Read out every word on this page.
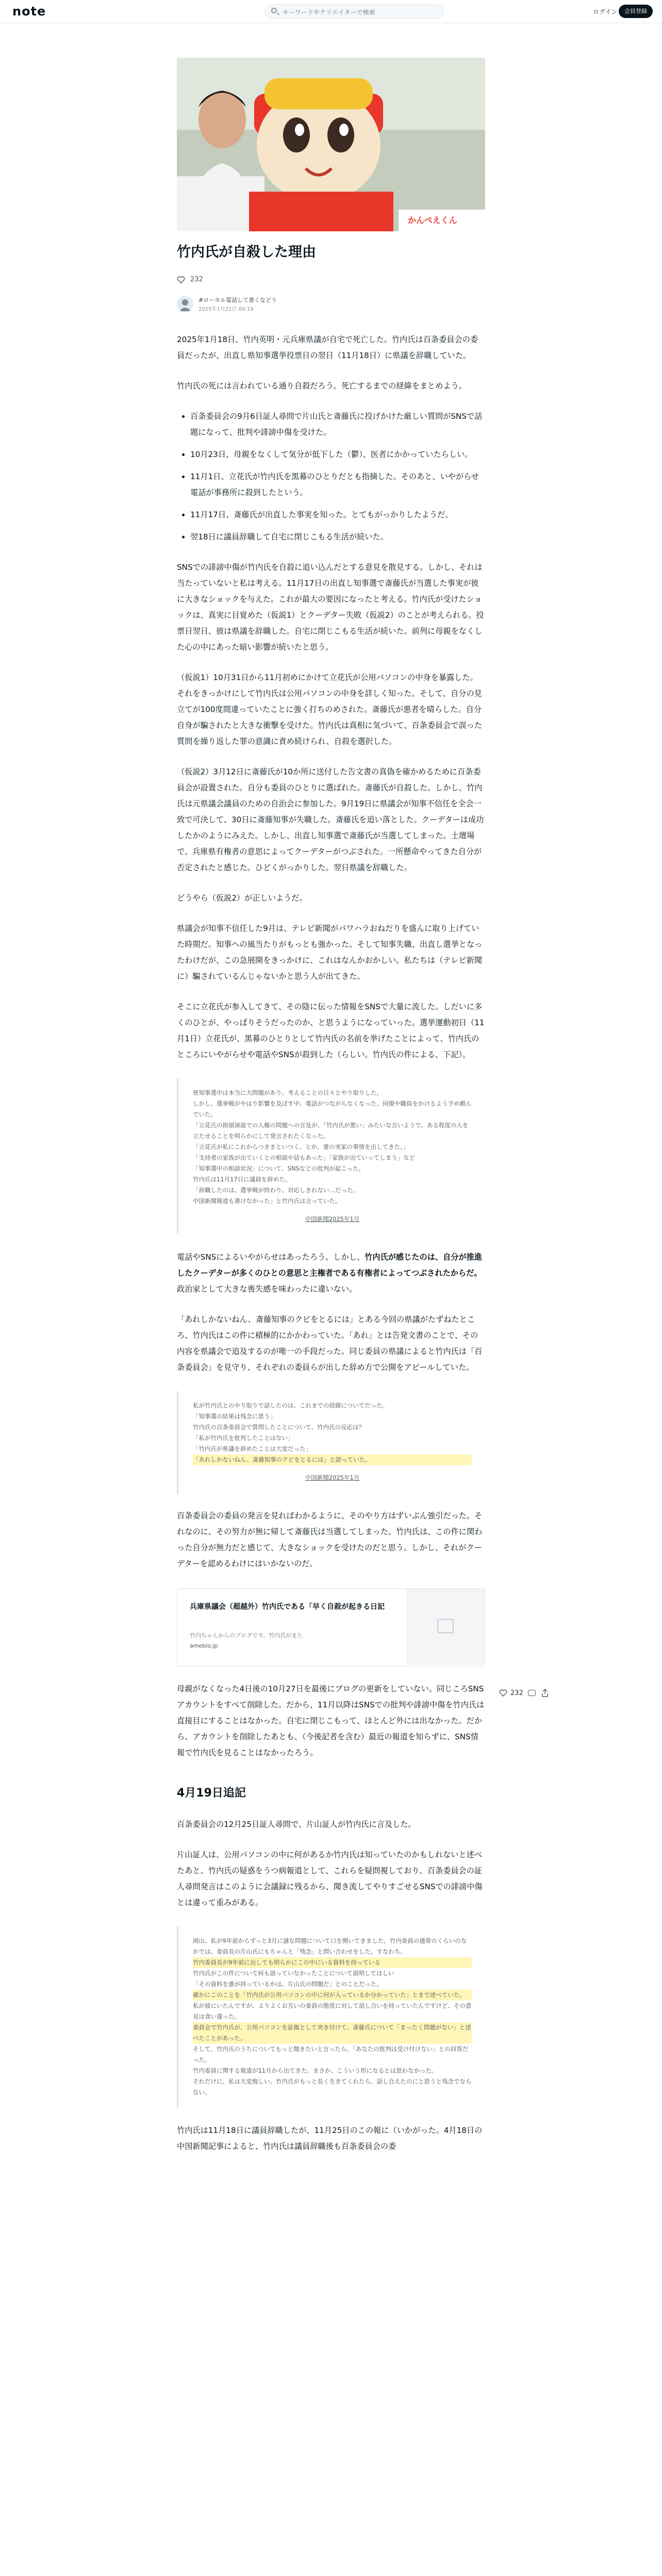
note
キーワードやクリエイターで検索	ログイン	会員登録
かんぺえくん
竹内氏が自殺した理由
232
#ローカル電話して書くなどう
2025年1月21日 00:19

2025年1月18日、竹内英明・元兵庫県議が自宅で死亡した。竹内氏は百条委員会の委員だったが、出直し県知事選挙投票日の翌日（11月18日）に県議を辞職していた。

竹内氏の死には言われている通り自殺だろう。死亡するまでの経緯をまとめよう。

• 百条委員会の9月6日証人尋問で片山氏と斎藤氏に投げかけた厳しい質問がSNSで話題になって、批判や誹謗中傷を受けた。
• 10月23日、母親をなくして気分が低下した（鬱）、医者にかかっていたらしい。
• 11月1日、立花氏が竹内氏を黒幕のひとりだとも指摘した。そのあと、いやがらせ電話が事務所に殺到したという。
• 11月17日、斎藤氏が出直した事実を知った。とてもがっかりしたようだ。
• 翌18日に議員辞職して自宅に閉じこもる生活が続いた。

SNSでの誹謗中傷が竹内氏を自殺に追い込んだとする意見を散見する。しかし、それは当たっていないと私は考える。11月17日の出直し知事選で斎藤氏が当選した事実が彼に大きなショックを与えた。これが最大の要因になったと考える。竹内氏が受けたショックは、真実に目覚めた（仮説1）とクーデター失敗（仮説2）のことが考えられる。投票日翌日、彼は県議を辞職した。自宅に閉じこもる生活が続いた。前列に母親をなくした心の中にあった暗い影響が続いたと思う。

（仮説1）10月31日から11月初めにかけて立花氏が公用パソコンの中身を暴露した。それをきっかけにして竹内氏は公用パソコンの中身を詳しく知った。そして、自分の見立てが100度間違っていたことに強く打ちのめされた。斎藤氏が悪者を晴らした。自分自身が騙されたと大きな衝撃を受けた。竹内氏は真相に気づいて、百条委員会で誤った質問を繰り返した罪の意識に責め続けられ、自殺を選択した。

（仮説2）3月12日に斎藤氏が10か所に送付した告文書の真偽を確かめるために百条委員会が設置された。自分も委員のひとりに選ばれた。斎藤氏が自殺した。しかし、竹内氏は元県議会議員のための自治会に参加した。9月19日に県議会が知事不信任を全会一致で可決して、30日に斎藤知事が失職した。斎藤氏を追い落とした。クーデターは成功したかのようにみえた。しかし、出直し知事選で斎藤氏が当選してしまった。土壇場で、兵庫県有権者の意思によってクーデターがつぶされた。一所懸命やってきた自分が否定されたと感じた。ひどくがっかりした。翌日県議を辞職した。

どうやら（仮説2）が正しいようだ。

県議会が知事不信任した9月は、テレビ新聞がパワハラおねだりを盛んに取り上げていた時期だ。知事への風当たりがもっとも強かった。そして知事失職、出直し選挙となったわけだが、この急展開をきっかけに、これはなんかおかしい。私たちは（テレビ新聞に）騙されているんじゃないかと思う人が出てきた。

そこに立花氏が参入してきて、その陰に伝った情報をSNSで大量に流した。しだいに多くのひとが、やっぱりそうだったのか、と思うようになっていった。選挙運動初日（11月1日）立花氏が、黒幕のひとりとして竹内氏の名前を挙げたことによって、竹内氏のところにいやがらせや電話やSNSが殺到した（らしい。竹内氏の件による、下記）。

県知事選中は本当に大問題があり、考えることの日々とやり取りした。

しかし、選挙戦がやはり影響を及ぼす中、電話がつながらなくなった。同僚や職員をかけるよう予め頼んでいた。

「立花氏の街頭演説での人権の問題への言及が、「竹内氏が悪い」みたいな言いようで、ある程度の人を立たせることを明らかにして発言されたくなった。

「立花氏が私にこれからつきまといつく、とか、妻の実家の事情を出してきた。」

「支持者の家族が出ていくとの相談や話もあった」「家族が出ていってしまう」など

「知事選中の相談状況」について、SNSなどの批判が起こった。

竹内氏は11月17日に議員を辞めた。

「辞職したのは、選挙戦が終わり、対応しきれない…だった。

中国新聞報道も書けなかった」と竹内氏は言っていた。

中国新聞2025年1月

電話やSNSによるいやがらせはあったろう。しかし、竹内氏が感じたのは、自分が推進したクーデターが多くのひとの意思と主権者である有権者によってつぶされたからだ。政治家として大きな喪失感を味わったに違いない。

「あれしかないねん、斎藤知事のクビをとるには」とある今回の県議がたずねたところ、竹内氏はこの件に積極的にかかわっていた。「あれ」とは告発文書のことで、その内容を県議会で追及するのが唯一の手段だった。同じ委員の県議によると竹内氏は「百条委員会」を見守り、それぞれの委員らが出した辞め方で公開をアピールしていた。

私が竹内氏とのやり取りで話したのは、これまでの経緯についてだった。

「知事選の結果は残念に思う」

竹内氏の百条委員会で質問したことについて、竹内氏の反応は？

「私が竹内氏を批判したことはない」

「竹内氏が県議を辞めたことは大変だった」

「あれしかないねん、斎藤知事のクビをとるには」と語っていた。

中国新聞2025年1月

百条委員会の委員の発言を見ればわかるように、そのやり方はずいぶん強引だった。それなのに、その努力が無に帰して斎藤氏は当選してしまった。竹内氏は、この件に関わった自分が無力だと感じて、大きなショックを受けたのだと思う。しかし、それがクーデターを認めるわけにはいかないのだ。

兵庫県議会（超越外）竹内氏である「早く自殺が起きる日記
竹内ちゃんからのブログです。竹内氏がまた
ameblo.jp

母親がなくなった4日後の10月27日を最後にブログの更新をしていない。同じころSNSアカウントをすべて削除した。だから、11月以降はSNSでの批判や誹謗中傷を竹内氏は直接目にすることはなかった。自宅に閉じこもって、ほとんど外には出なかった。だから、アカウントを削除したあとも、（今後記者を含む）最近の報道を知らずに、SNS情報で竹内氏を見ることはなかったろう。

4月19日追記

百条委員会の12月25日証人尋問で、片山証人が竹内氏に言及した。

片山証人は、公用パソコンの中に何があるか竹内氏は知っていたのかもしれないと述べたあと、竹内氏の疑惑をうつ病報道として、これらを疑問視しており、百条委員会の証人尋問発言はこのように会議録に残るから、聞き流してやりすごせるSNSでの誹謗中傷とは違って重みがある。

岡山、私が9年前からずっと3月に謎な問題について口を開いてきました。竹内委員の通常のくらいのなかでは、委員長の片山氏にもちゃんと「残念」と問い合わせをした。すなわち、

竹内委員長が9年前に出しても明らかにこの中にいる資料を持っている

竹内氏がこの件について何も語っていなかったことについて説明してほしい

「その資料を誰が持っているかは、片山氏の問題だ」とのことだった。

確かにこのことを「竹内氏が公用パソコンの中に何が入っているか分かっていた」とまで述べていた。

私が彼にいたんですが、よりよくお互いの委員の態度に対して話し合いを持っていたんですけど、その意見は食い違った。

委員会で竹内氏が、公用パソコンを証拠として突き付けて、斎藤氏について「まったく問題がない」と述べたことがあった。

そして、竹内氏のうちについてもっと聞きたいと言ったら、「あなたの批判は受け付けない」との回答だった。

竹内委員に関する報道が11月から出てきた。まさか、こういう形になるとは思わなかった。

それだけに、私は大変悔しい。竹内氏がもっと長く生きてくれたら、話し合えたのにと思うと残念でならない。

竹内氏は11月18日に議員辞職したが、11月25日のこの報に（いかがった。4月18日の中国新聞記事によると、竹内氏は議員辞職後も百条委員会の委

232
